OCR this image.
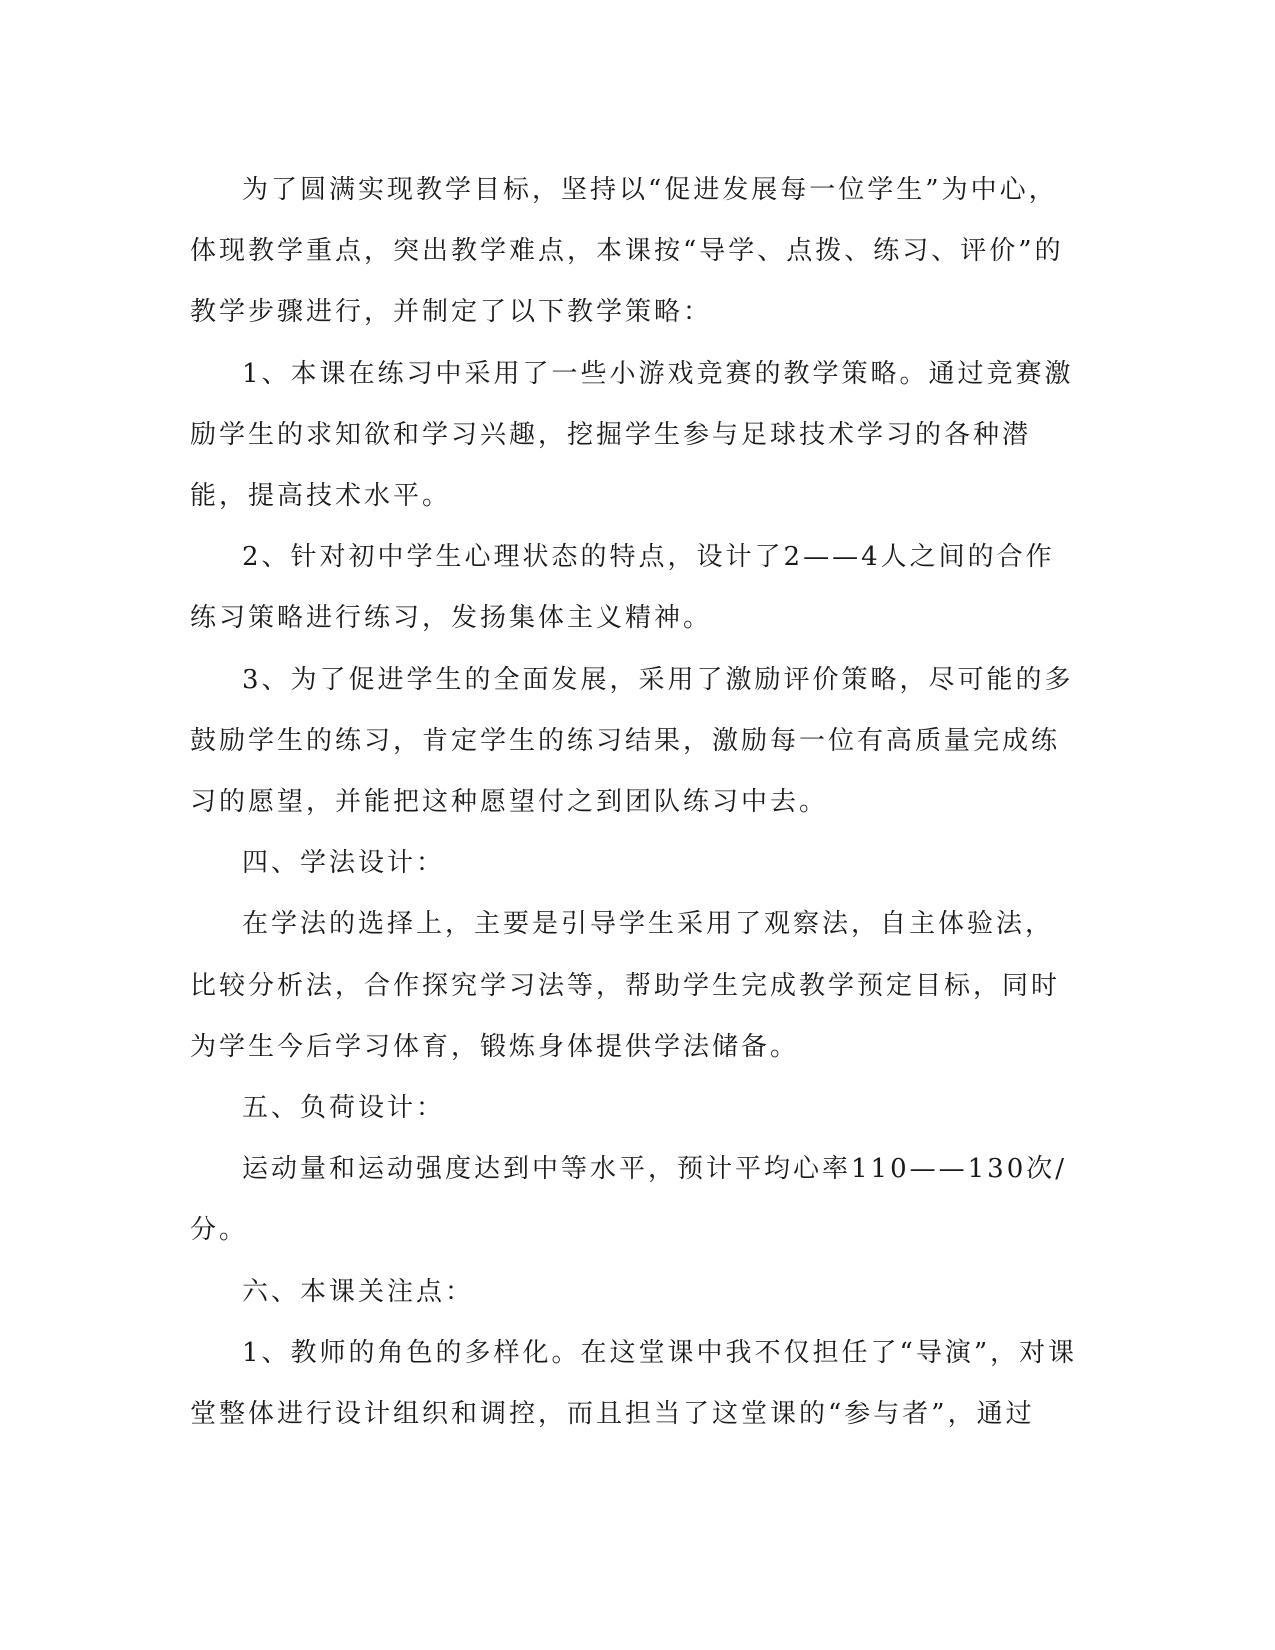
为了圆满实现教学目标，坚持以“促进发展每一位学生”为中心，体现教学重点，突出教学难点，本课按“导学、点拨、练习、评价”的教学步骤进行，并制定了以下教学策略：

1、本课在练习中采用了一些小游戏竞赛的教学策略。通过竞赛激励学生的求知欲和学习兴趣，挖掘学生参与足球技术学习的各种潜能，提高技术水平。

2、针对初中学生心理状态的特点，设计了2——4人之间的合作练习策略进行练习，发扬集体主义精神。

3、为了促进学生的全面发展，采用了激励评价策略，尽可能的多鼓励学生的练习，肯定学生的练习结果，激励每一位有高质量完成练习的愿望，并能把这种愿望付之到团队练习中去。

四、学法设计：

在学法的选择上，主要是引导学生采用了观察法，自主体验法，比较分析法，合作探究学习法等，帮助学生完成教学预定目标，同时为学生今后学习体育，锻炼身体提供学法储备。

五、负荷设计：

运动量和运动强度达到中等水平，预计平均心率110——130次/分。

六、本课关注点：

1、教师的角色的多样化。在这堂课中我不仅担任了“导演”，对课堂整体进行设计组织和调控，而且担当了这堂课的“参与者”，通过
